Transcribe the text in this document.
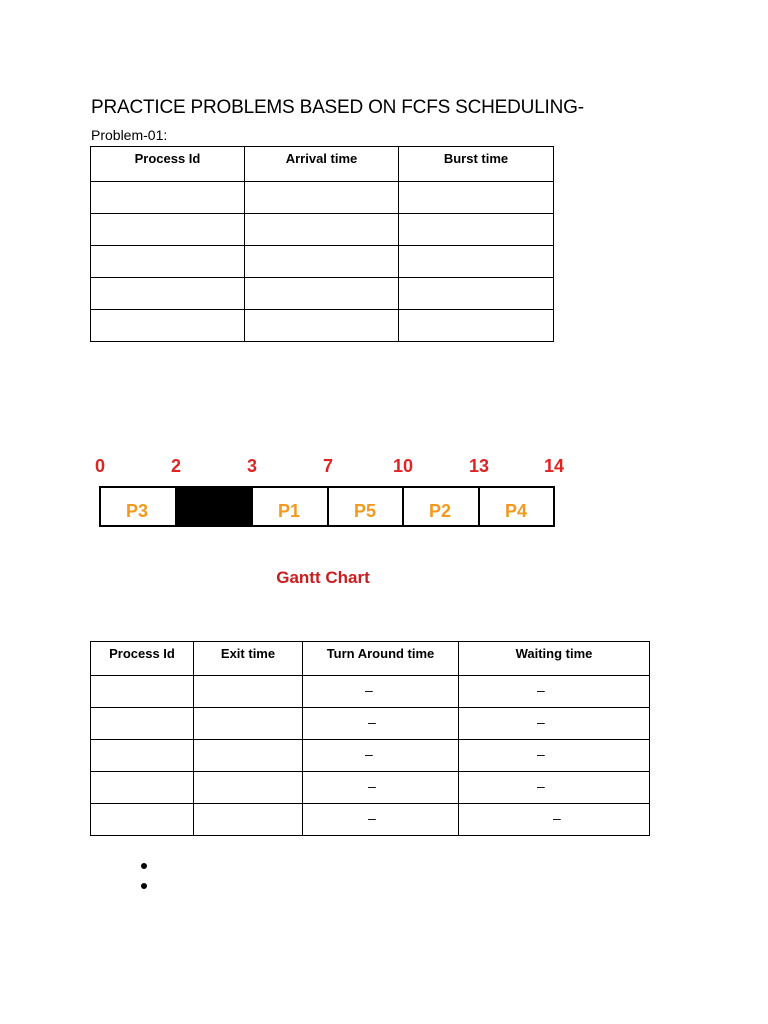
PRACTICE PROBLEMS BASED ON FCFS SCHEDULING-
Problem-01:
Process Id	Arrival time	Burst time

P3	P1	P5	P2	P4
0	2	3	7	10	13	14
Gantt Chart
Process Id	Exit time	Turn Around time	Waiting time

		–	–

		–	–

		–	–

		–	–

		–	–
